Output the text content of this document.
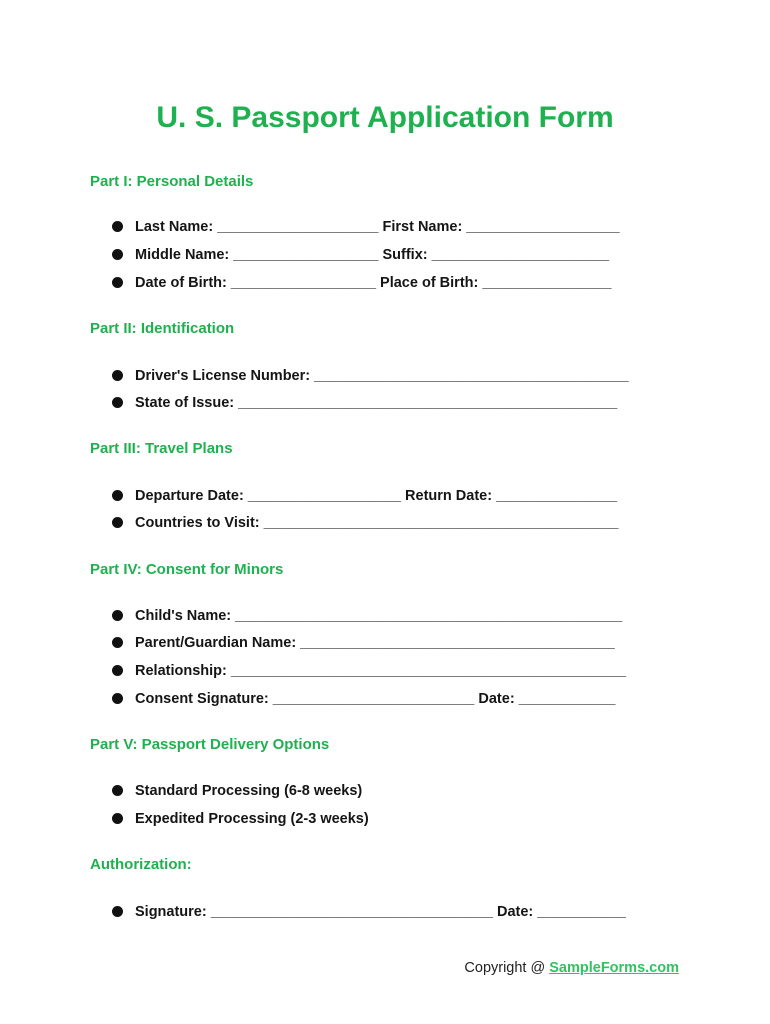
U. S. Passport Application Form
Part I: Personal Details
Last Name: ____________________ First Name: ___________________
Middle Name: __________________ Suffix: ______________________
Date of Birth: __________________ Place of Birth: ________________
Part II: Identification
Driver's License Number: _______________________________________
State of Issue: _______________________________________________
Part III: Travel Plans
Departure Date: ___________________ Return Date: _______________
Countries to Visit: ____________________________________________
Part IV: Consent for Minors
Child's Name: ________________________________________________
Parent/Guardian Name: _______________________________________
Relationship: _________________________________________________
Consent Signature: _________________________ Date: ____________
Part V: Passport Delivery Options
Standard Processing (6-8 weeks)
Expedited Processing (2-3 weeks)
Authorization:
Signature: ___________________________________ Date: ___________
Copyright @ SampleForms.com
